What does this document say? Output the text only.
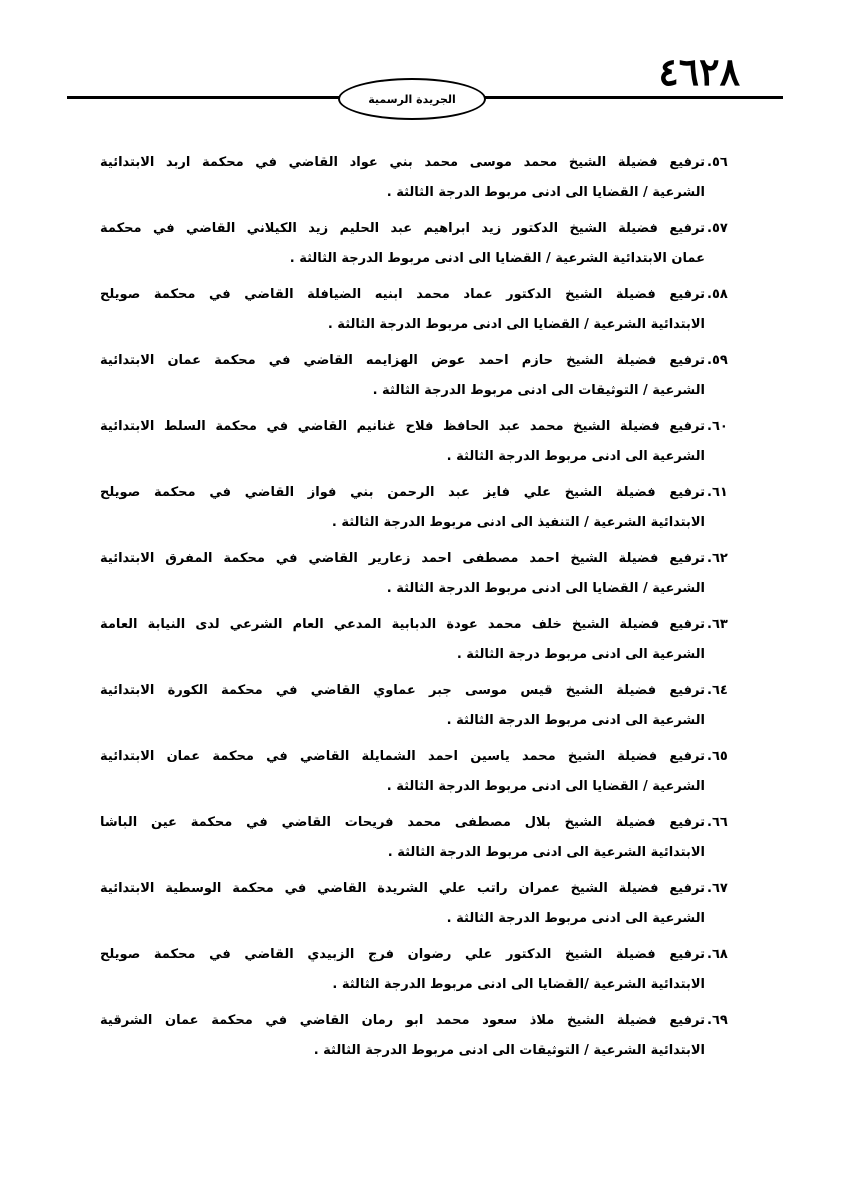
٤٦٢٨
الجريدة الرسمية
٥٦.
ترفيع فضيلة الشيخ محمد موسى محمد بني عواد القاضي في محكمة اربد الابتدائية
الشرعية / القضايا الى ادنى مربوط الدرجة الثالثة .
٥٧.
ترفيع فضيلة الشيخ الدكتور زيد ابراهيم عبد الحليم زيد الكيلاني القاضي في محكمة
عمان الابتدائية الشرعية / القضايا الى ادنى مربوط الدرجة الثالثة .
٥٨.
ترفيع فضيلة الشيخ الدكتور عماد محمد ابنيه الضيافلة القاضي في محكمة صويلح
الابتدائية الشرعية / القضايا الى ادنى مربوط الدرجة الثالثة .
٥٩.
ترفيع فضيلة الشيخ حازم احمد عوض الهزايمه القاضي في محكمة عمان الابتدائية
الشرعية / التوثيقات الى ادنى مربوط الدرجة الثالثة .
٦٠.
ترفيع فضيلة الشيخ محمد عبد الحافظ فلاح غنانيم القاضي في محكمة السلط الابتدائية
الشرعية الى ادنى مربوط الدرجة الثالثة .
٦١.
ترفيع فضيلة الشيخ علي فايز عبد الرحمن بني فواز القاضي في محكمة صويلح
الابتدائية الشرعية / التنفيذ الى ادنى مربوط الدرجة الثالثة .
٦٢.
ترفيع فضيلة الشيخ احمد مصطفى احمد زعارير القاضي في محكمة المفرق الابتدائية
الشرعية / القضايا الى ادنى مربوط الدرجة الثالثة .
٦٣.
ترفيع فضيلة الشيخ خلف محمد عودة الدبابية المدعي العام الشرعي لدى النيابة العامة
الشرعية الى ادنى مربوط درجة الثالثة .
٦٤.
ترفيع فضيلة الشيخ قيس موسى جبر عماوي القاضي في محكمة الكورة الابتدائية
الشرعية الى ادنى مربوط الدرجة الثالثة .
٦٥.
ترفيع فضيلة الشيخ محمد ياسين احمد الشمايلة القاضي في محكمة عمان الابتدائية
الشرعية / القضايا الى ادنى مربوط الدرجة الثالثة .
٦٦.
ترفيع فضيلة الشيخ بلال مصطفى محمد فريحات القاضي في محكمة عين الباشا
الابتدائية الشرعية الى ادنى مربوط الدرجة الثالثة .
٦٧.
ترفيع فضيلة الشيخ عمران راتب علي الشريدة القاضي في محكمة الوسطية الابتدائية
الشرعية الى ادنى مربوط الدرجة الثالثة .
٦٨.
ترفيع فضيلة الشيخ الدكتور علي رضوان فرج الزبيدي القاضي في محكمة صويلح
الابتدائية الشرعية /القضايا الى ادنى مربوط الدرجة الثالثة .
٦٩.
ترفيع فضيلة الشيخ ملاذ سعود محمد ابو رمان القاضي في محكمة عمان الشرقية
الابتدائية الشرعية / التوثيقات الى ادنى مربوط الدرجة الثالثة .
